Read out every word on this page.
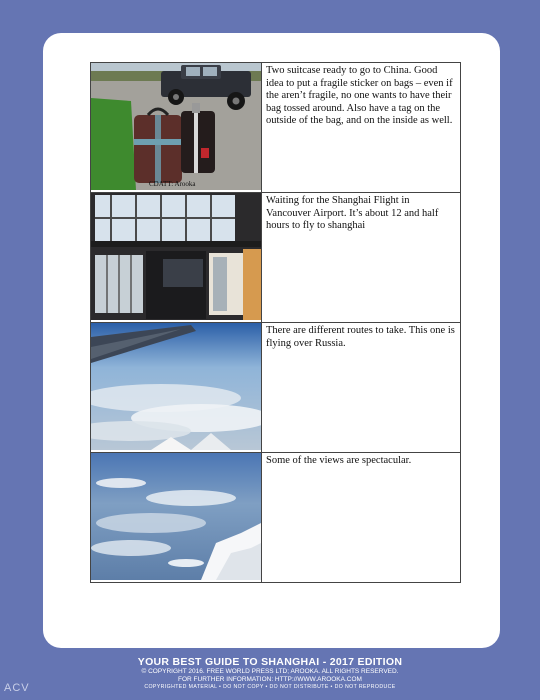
CDATT: Arooka	Two suitcase ready to go to China. Good idea to put a fragile sticker on bags – even if the aren’t fragile, no one wants to have their bag tossed around. Also have a tag on the outside of the bag, and on the inside as well.

	Waiting for the Shanghai Flight in Vancouver Airport. It’s about 12 and half hours to fly to shanghai

	There are different routes to take. This one is flying over Russia.

	Some of the views are spectacular.
YOUR BEST GUIDE TO SHANGHAI - 2017 EDITION
© COPYRIGHT 2016. FREE WORLD PRESS LTD; AROOKA. ALL RIGHTS RESERVED.
FOR FURTHER INFORMATION: HTTP://WWW.AROOKA.COM
COPYRIGHTED MATERIAL • DO NOT COPY • DO NOT DISTRIBUTE • DO NOT REPRODUCE
ACV
